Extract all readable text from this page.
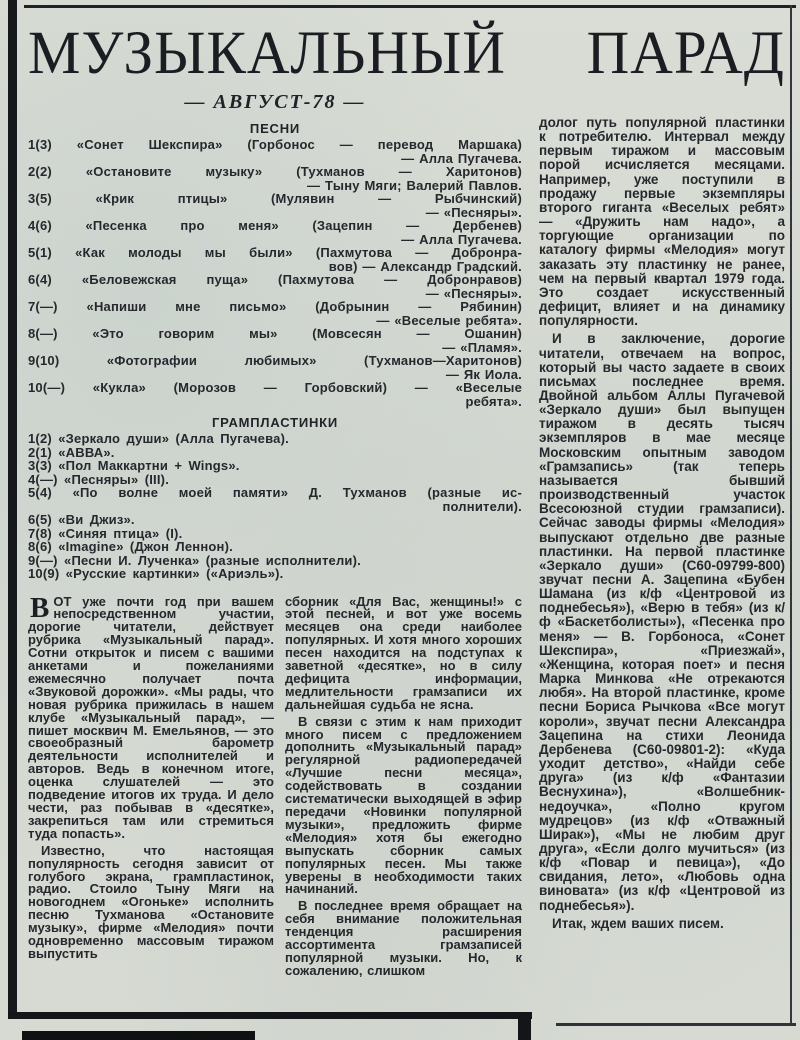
МУЗЫКАЛЬНЫЙ ПАРАД
— АВГУСТ-78 —
ПЕСНИ
1(3) «Сонет Шекспира» (Горбонос — перевод Маршака)
— Алла Пугачева.
2(2)	«Остановите музыку» (Тухманов — Харитонов)
— Тыну Мяги; Валерий Павлов.
3(5)	«Крик птицы» (Мулявин — Рыбчинский)
— «Песняры».
4(6)	«Песенка про меня» (Зацепин — Дербенев)
— Алла Пугачева.
5(1) «Как молоды мы были» (Пахмутова — Добронра-
вов) — Александр Градский.
6(4) «Беловежская пуща» (Пахмутова — Добронравов)
— «Песняры».
7(—) «Напиши мне письмо» (Добрынин — Рябинин)
— «Веселые ребята».
8(—)	«Это говорим мы» (Мовсесян — Ошанин)
— «Пламя».
9(10)	«Фотографии любимых» (Тухманов—Харитонов)
— Як Иола.
10(—) «Кукла» (Морозов — Горбовский) — «Веселые
ребята».
ГРАМПЛАСТИНКИ
1(2) «Зеркало души» (Алла Пугачева).
2(1) «АВВА».
3(3) «Пол Маккартни + Wings».
4(—) «Песняры» (III).
5(4) «По волне моей памяти» Д. Тухманов (разные ис-
полнители).
6(5) «Ви Джиз».
7(8) «Синяя птица» (I).
8(6) «Imagine» (Джон Леннон).
9(—) «Песни И. Лученка» (разные исполнители).
10(9) «Русские картинки» («Ариэль»).

ВОТ уже почти год при вашем непосредственном участии, дорогие читатели, действует рубрика «Музыкальный парад». Сотни открыток и писем с вашими анкетами и пожеланиями ежемесячно получает почта «Звуковой дорожки». «Мы рады, что новая рубрика прижилась в нашем клубе «Музыкальный парад», — пишет москвич М. Емельянов, — это своеобразный барометр деятельности исполнителей и авторов. Ведь в конечном итоге, оценка слушателей — это подведение итогов их труда. И дело чести, раз побывав в «десятке», закрепиться там или стремиться туда попасть».

Известно, что настоящая популярность сегодня зависит от голубого экрана, грампластинок, радио. Стоило Тыну Мяги на новогоднем «Огоньке» исполнить песню Тухманова «Остановите музыку», фирме «Мелодия» почти одновременно массовым тиражом выпустить

сборник «Для Вас, женщины!» с этой песней, и вот уже восемь месяцев она среди наиболее популярных. И хотя много хороших песен находится на подступах к заветной «десятке», но в силу дефицита информации, медлительности грамзаписи их дальнейшая судьба не ясна.

В связи с этим к нам приходит много писем с предложением дополнить «Музыкальный парад» регулярной радиопередачей «Лучшие песни месяца», содействовать в создании систематически выходящей в эфир передачи «Новинки популярной музыки», предложить фирме «Мелодия» хотя бы ежегодно выпускать сборник самых популярных песен. Мы также уверены в необходимости таких начинаний.

В последнее время обращает на себя внимание положительная тенденция расширения ассортимента грамзаписей популярной музыки. Но, к сожалению, слишком

долог путь популярной пластинки к потребителю. Интервал между первым тиражом и массовым порой исчисляется месяцами. Например, уже поступили в продажу первые экземпляры второго гиганта «Веселых ребят» — «Дружить нам надо», а торгующие организации по каталогу фирмы «Мелодия» могут заказать эту пластинку не ранее, чем на первый квартал 1979 года. Это создает искусственный дефицит, влияет и на динамику популярности.

И в заключение, дорогие читатели, отвечаем на вопрос, который вы часто задаете в своих письмах последнее время. Двойной альбом Аллы Пугачевой «Зеркало души» был выпущен тиражом в десять тысяч экземпляров в мае месяце Московским опытным заводом «Грамзапись» (так теперь называется бывший производственный участок Всесоюзной студии грамзаписи). Сейчас заводы фирмы «Мелодия» выпускают отдельно две разные пластинки. На первой пластинке «Зеркало души» (С60-09799-800) звучат песни А. Зацепина «Бубен Шамана (из к/ф «Центровой из поднебесья»), «Верю в тебя» (из к/ф «Баскетболисты»), «Песенка про меня» — В. Горбоноса, «Сонет Шекспира», «Приезжай», «Женщина, которая поет» и песня Марка Минкова «Не отрекаются любя». На второй пластинке, кроме песни Бориса Рычкова «Все могут короли», звучат песни Александра Зацепина на стихи Леонида Дербенева (С60-09801-2): «Куда уходит детство», «Найди себе друга» (из к/ф «Фантазии Веснухина»), «Волшебник-недоучка», «Полно кругом мудрецов» (из к/ф «Отважный Ширак»), «Мы не любим друг друга», «Если долго мучиться» (из к/ф «Повар и певица»), «До свидания, лето», «Любовь одна виновата» (из к/ф «Центровой из поднебесья»).

Итак, ждем ваших писем.
